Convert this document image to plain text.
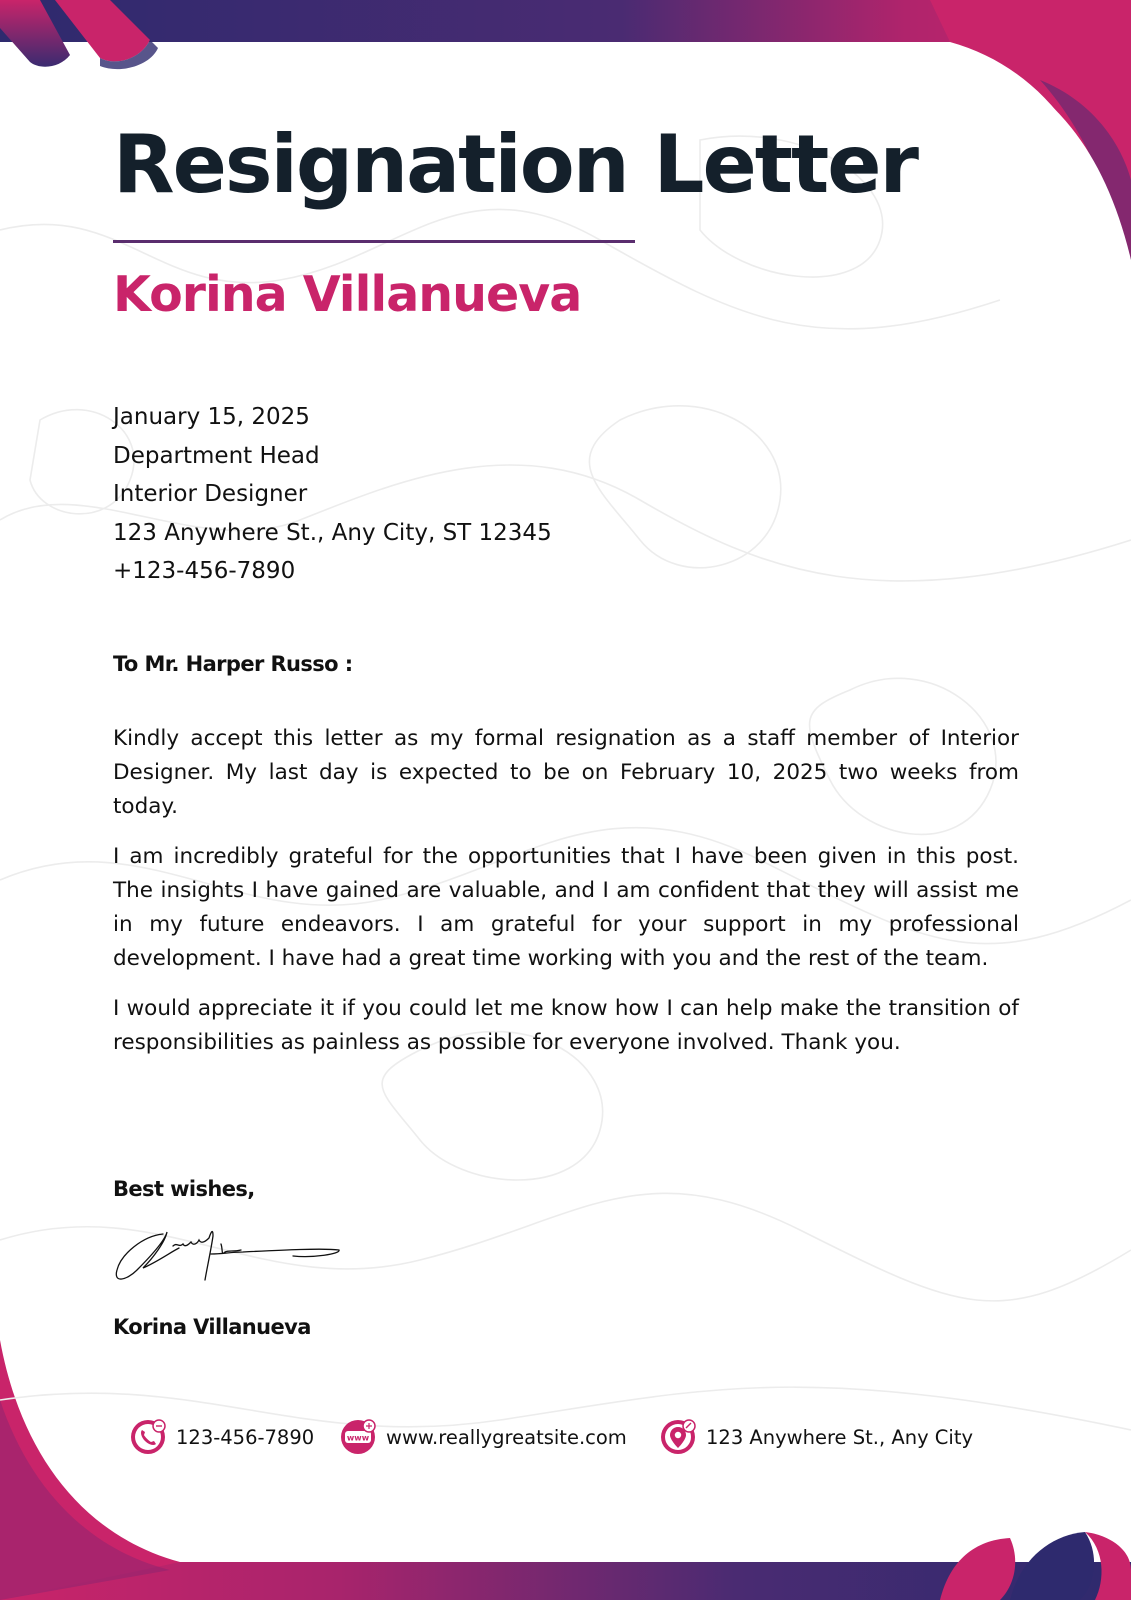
Resignation Letter
Korina Villanueva
January 15, 2025
Department Head
Interior Designer
123 Anywhere St., Any City, ST 12345
+123-456-7890
To Mr. Harper Russo :

Kindly accept this letter as my formal resignation as a staff member of Interior Designer. My last day is expected to be on February 10, 2025 two weeks from today.

I am incredibly grateful for the opportunities that I have been given in this post. The insights I have gained are valuable, and I am confident that they will assist me in my future endeavors. I am grateful for your support in my professional development. I have had a great time working with you and the rest of the team.

I would appreciate it if you could let me know how I can help make the transition of responsibilities as painless as possible for everyone involved. Thank you.

Best wishes,
Korina Villanueva
123-456-7890	www www.reallygreatsite.com	123 Anywhere St., Any City
